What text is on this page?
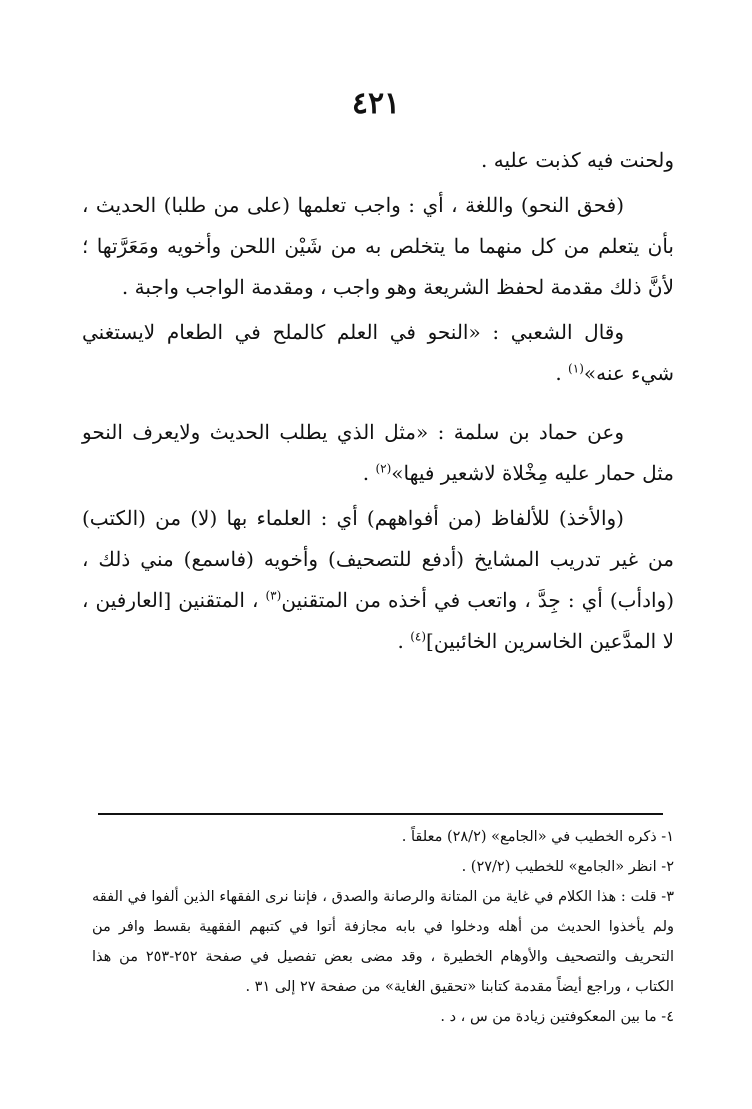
٤٢١

ولحنت فيه كذبت عليه .

(فحق النحو) واللغة ، أي : واجب تعلمها (على من طلبا) الحديث ، بأن يتعلم من كل منهما ما يتخلص به من شَيْن اللحن وأخويه ومَعَرَّتها ؛ لأنَّ ذلك مقدمة لحفظ الشريعة وهو واجب ، ومقدمة الواجب واجبة .

وقال الشعبي : «النحو في العلم كالملح في الطعام لايستغني شيء عنه»$^{(١)}$ .

وعن حماد بن سلمة : «مثل الذي يطلب الحديث ولايعرف النحو مثل حمار عليه مِخْلاة لاشعير فيها»$^{(٢)}$ .

(والأخذ) للألفاظ (من أفواههم) أي : العلماء بها (لا) من (الكتب) من غير تدريب المشايخ (أدفع للتصحيف) وأخويه (فاسمع) مني ذلك ، (وادأب) أي : جِدَّ ، واتعب في أخذه من المتقنين$^{(٣)}$ ، المتقنين [العارفين ، لا المدَّعين الخاسرين الخائبين]$^{(٤)}$ .

١- ذكره الخطيب في «الجامع» (٢٨/٢) معلقاً .

٢- انظر «الجامع» للخطيب (٢٧/٢) .

٣- قلت : هذا الكلام في غاية من المتانة والرصانة والصدق ، فإننا نرى الفقهاء الذين ألفوا في الفقه ولم يأخذوا الحديث من أهله ودخلوا في بابه مجازفة أتوا في كتبهم الفقهية بقسط وافر من التحريف والتصحيف والأوهام الخطيرة ، وقد مضى بعض تفصيل في صفحة ٢٥٢-٢٥٣ من هذا الكتاب ، وراجع أيضاً مقدمة كتابنا «تحقيق الغاية» من صفحة ٢٧ إلى ٣١ .

٤- ما بين المعكوفتين زيادة من س ، د .
